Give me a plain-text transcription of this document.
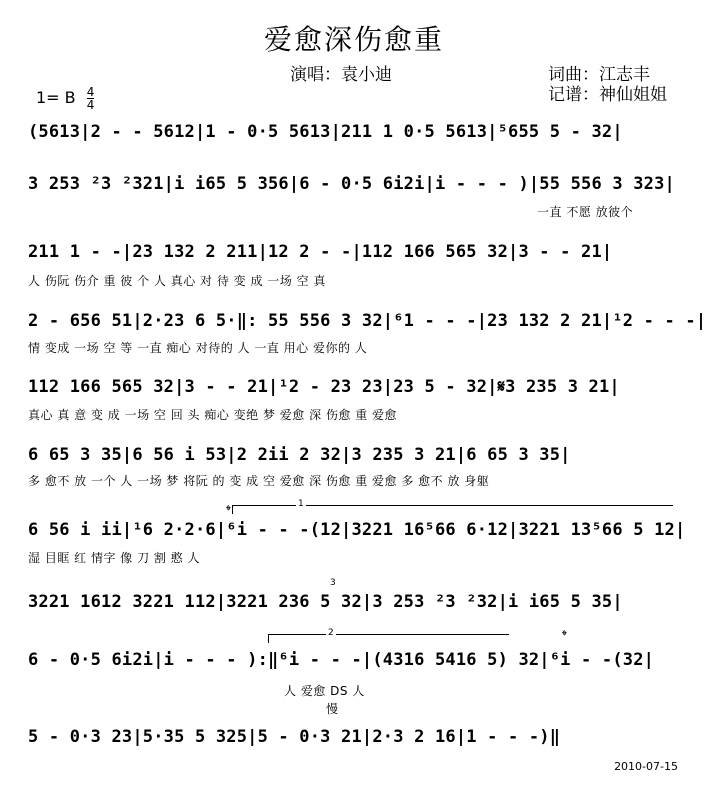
爱愈深伤愈重
演唱：袁小迪	词曲：江志丰
记谱：神仙姐姐
1= B $\frac{4}{4}$
(5613|2 - - 5612|1 - 0·5 5613|211 1 0·5 5613|⁵655 5 - 32|
3 253 ²3 ²321|i i65 5 356|6 - 0·5 6i2i|i - - - )|55 556 3 323|
一直 不愿 放彼个
211 1 - -|23 132 2 211|12 2 - -|112 166 565 32|3 - - 21|
人 伤阮 伤介 重 彼 个 人 真心 对 待 变 成 一场 空 真
2 - 656 51|2·23 6 5·‖: 55 556 3 32|⁶1 - - -|23 132 2 21|¹2 - - -|
情 变成 一场 空 等 一直 痴心 对待的 人 一直 用心 爱你的 人
112 166 565 32|3 - - 21|¹2 - 23 23|23 5 - 32|𝄋3 235 3 21|
真心 真 意 变 成 一场 空 回 头 痴心 变绝 梦 爱愈 深 伤愈 重 爱愈
6 65 3 35|6 56 i 53|2 2ii 2 32|3 235 3 21|6 65 3 35|
多 愈不 放 一个 人 一场 梦 将阮 的 变 成 空 爱愈 深 伤愈 重 爱愈 多 愈不 放 身躯
1
𝄌
6 56 i ii|¹6 2·2·6|⁶i - - -(12|3221 16⁵66 6·12|3221 13⁵66 5 12|
湿 目眶 红 情字 像 刀 割 憨 人
3
3221 1612 3221 112|3221 236 5 32|3 253 ²3 ²32|i i65 5 35|
2	𝄌
6 - 0·5 6i2i|i - - - ):‖⁶i - - -|(4316 5416 5) 32|⁶i - -(32|
人 爱愈 DS 人
慢
5 - 0·3 23|5·35 5 325|5 - 0·3 21|2·3 2 16|1 - - -)‖
2010-07-15
